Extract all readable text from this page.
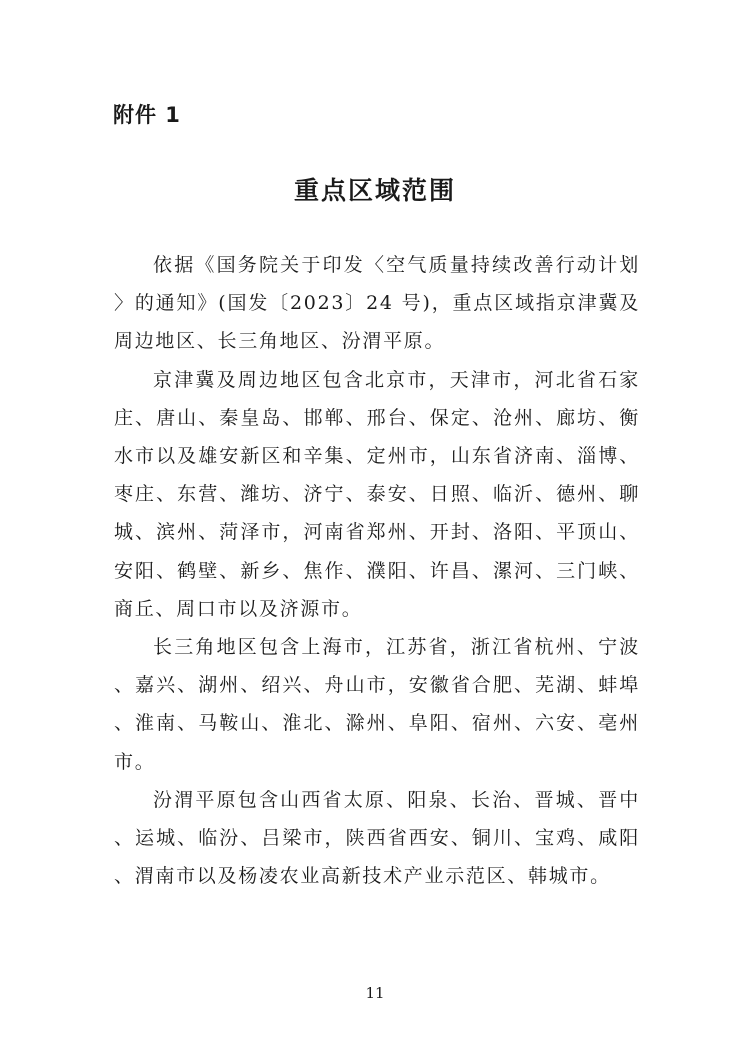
附件 1
重点区域范围

依据《国务院关于印发〈空气质量持续改善行动计划〉的通知》(国发〔2023〕24 号)，重点区域指京津冀及周边地区、长三角地区、汾渭平原。

京津冀及周边地区包含北京市，天津市，河北省石家庄、唐山、秦皇岛、邯郸、邢台、保定、沧州、廊坊、衡水市以及雄安新区和辛集、定州市，山东省济南、淄博、枣庄、东营、潍坊、济宁、泰安、日照、临沂、德州、聊城、滨州、菏泽市，河南省郑州、开封、洛阳、平顶山、安阳、鹤壁、新乡、焦作、濮阳、许昌、漯河、三门峡、商丘、周口市以及济源市。

长三角地区包含上海市，江苏省，浙江省杭州、宁波、嘉兴、湖州、绍兴、舟山市，安徽省合肥、芜湖、蚌埠、淮南、马鞍山、淮北、滁州、阜阳、宿州、六安、亳州市。

汾渭平原包含山西省太原、阳泉、长治、晋城、晋中、运城、临汾、吕梁市，陕西省西安、铜川、宝鸡、咸阳、渭南市以及杨凌农业高新技术产业示范区、韩城市。

11
